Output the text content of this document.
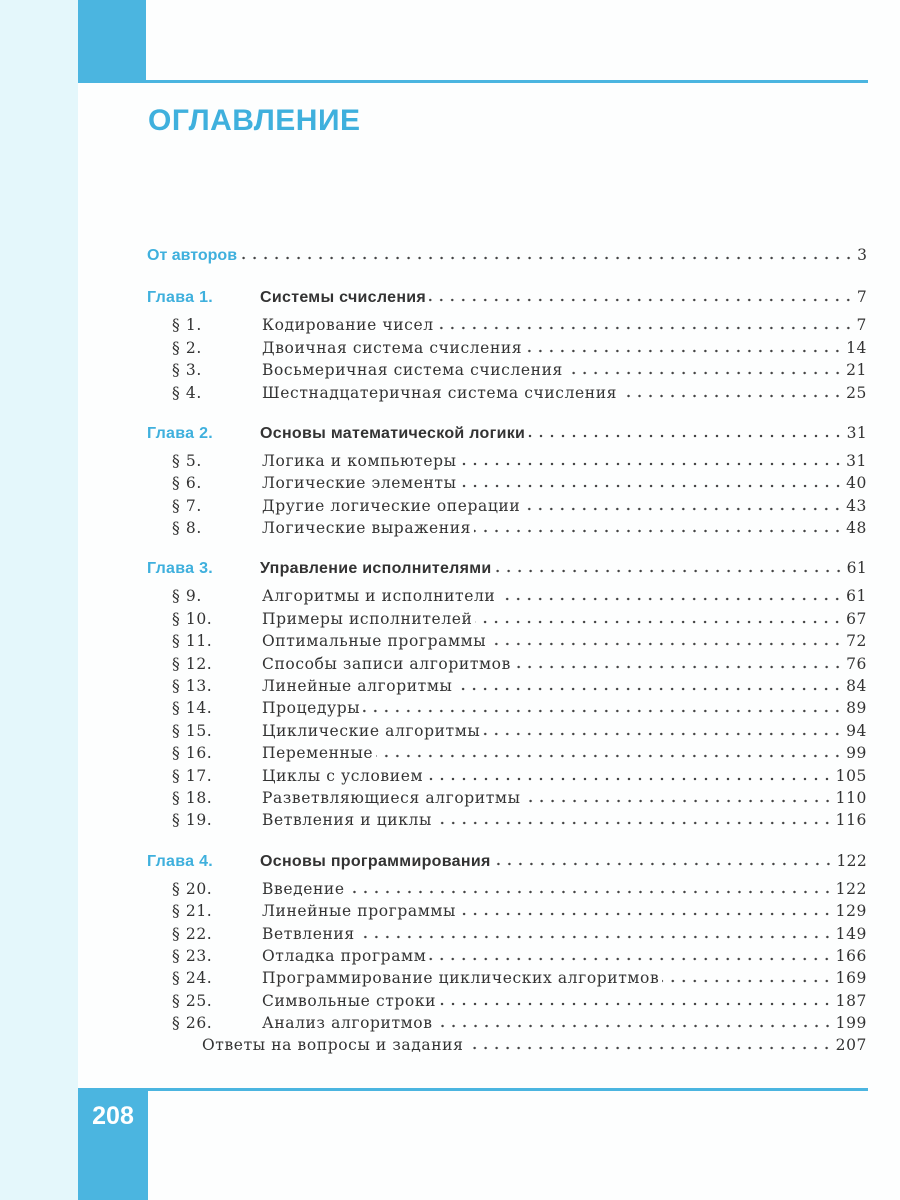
208
ОГЛАВЛЕНИЕ
От авторов	3
Глава 1.	Системы счисления	7
§ 1.	Кодирование чисел	7
§ 2.	Двоичная система счисления	14
§ 3.	Восьмеричная система счисления	21
§ 4.	Шестнадцатеричная система счисления	25
Глава 2.	Основы математической логики	31
§ 5.	Логика и компьютеры	31
§ 6.	Логические элементы	40
§ 7.	Другие логические операции	43
§ 8.	Логические выражения	48
Глава 3.	Управление исполнителями	61
§ 9.	Алгоритмы и исполнители	61
§ 10.	Примеры исполнителей	67
§ 11.	Оптимальные программы	72
§ 12.	Способы записи алгоритмов	76
§ 13.	Линейные алгоритмы	84
§ 14.	Процедуры	89
§ 15.	Циклические алгоритмы	94
§ 16.	Переменные	99
§ 17.	Циклы с условием	105
§ 18.	Разветвляющиеся алгоритмы	110
§ 19.	Ветвления и циклы	116
Глава 4.	Основы программирования	122
§ 20.	Введение	122
§ 21.	Линейные программы	129
§ 22.	Ветвления	149
§ 23.	Отладка программ	166
§ 24.	Программирование циклических алгоритмов	169
§ 25.	Символьные строки	187
§ 26.	Анализ алгоритмов	199
Ответы на вопросы и задания	207
